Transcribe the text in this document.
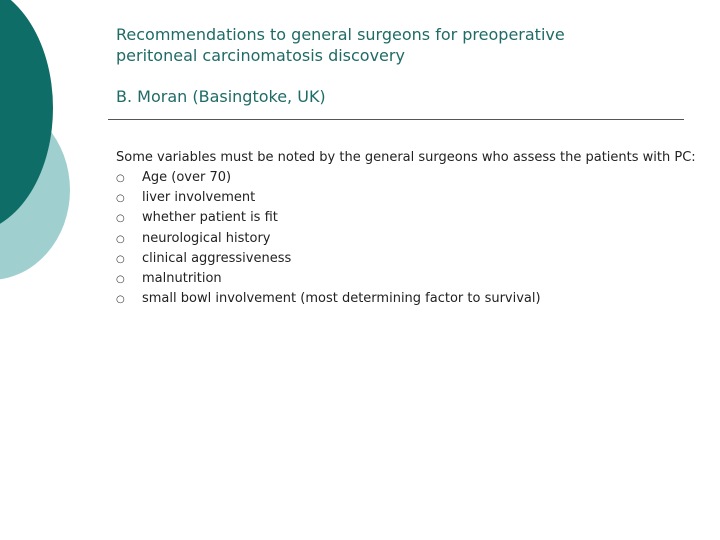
Recommendations to general surgeons for preoperative

peritoneal carcinomatosis discovery

B. Moran (Basingtoke, UK)

Some variables must be noted by the general surgeons who assess the patients with PC:

○	Age (over 70)
○	liver involvement
○	whether patient is fit
○	neurological history
○	clinical aggressiveness
○	malnutrition
○	small bowl involvement (most determining factor to survival)
